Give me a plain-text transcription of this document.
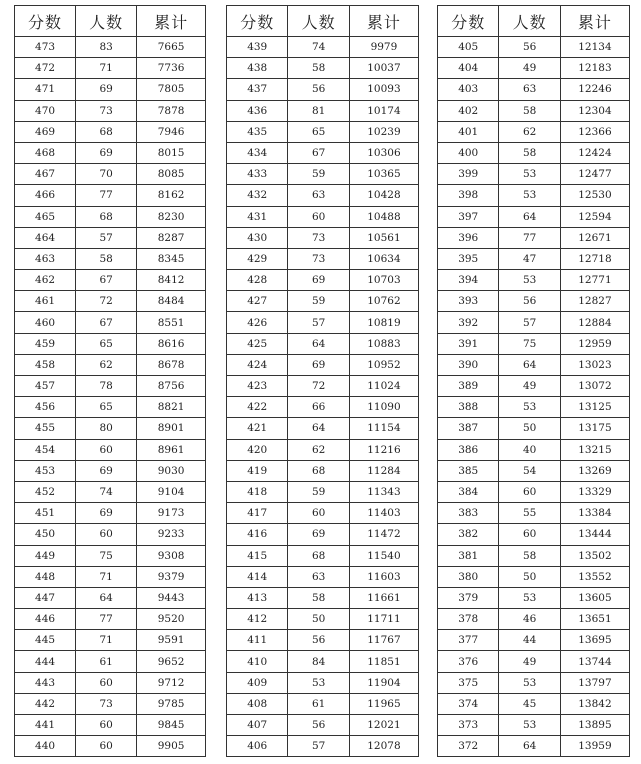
分数	人数	累计
473	83	7665
472	71	7736
471	69	7805
470	73	7878
469	68	7946
468	69	8015
467	70	8085
466	77	8162
465	68	8230
464	57	8287
463	58	8345
462	67	8412
461	72	8484
460	67	8551
459	65	8616
458	62	8678
457	78	8756
456	65	8821
455	80	8901
454	60	8961
453	69	9030
452	74	9104
451	69	9173
450	60	9233
449	75	9308
448	71	9379
447	64	9443
446	77	9520
445	71	9591
444	61	9652
443	60	9712
442	73	9785
441	60	9845
440	60	9905
分数	人数	累计
439	74	9979
438	58	10037
437	56	10093
436	81	10174
435	65	10239
434	67	10306
433	59	10365
432	63	10428
431	60	10488
430	73	10561
429	73	10634
428	69	10703
427	59	10762
426	57	10819
425	64	10883
424	69	10952
423	72	11024
422	66	11090
421	64	11154
420	62	11216
419	68	11284
418	59	11343
417	60	11403
416	69	11472
415	68	11540
414	63	11603
413	58	11661
412	50	11711
411	56	11767
410	84	11851
409	53	11904
408	61	11965
407	56	12021
406	57	12078
分数	人数	累计
405	56	12134
404	49	12183
403	63	12246
402	58	12304
401	62	12366
400	58	12424
399	53	12477
398	53	12530
397	64	12594
396	77	12671
395	47	12718
394	53	12771
393	56	12827
392	57	12884
391	75	12959
390	64	13023
389	49	13072
388	53	13125
387	50	13175
386	40	13215
385	54	13269
384	60	13329
383	55	13384
382	60	13444
381	58	13502
380	50	13552
379	53	13605
378	46	13651
377	44	13695
376	49	13744
375	53	13797
374	45	13842
373	53	13895
372	64	13959
